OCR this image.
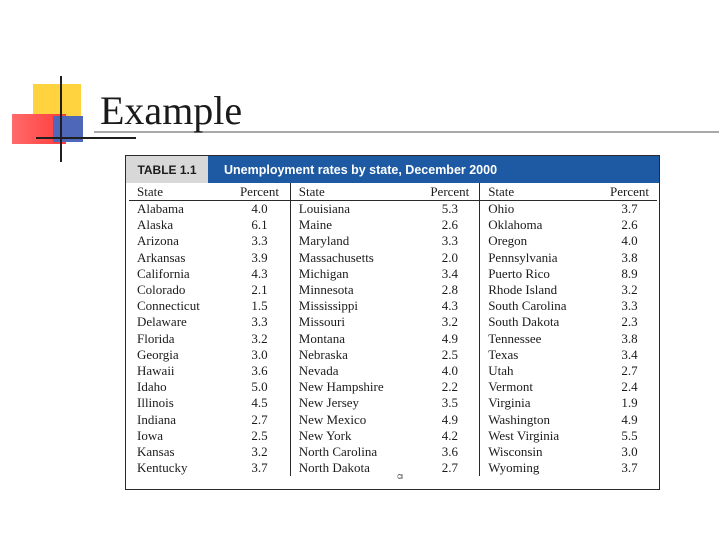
Example
TABLE 1.1	Unemployment rates by state, December 2000
State	Percent	State	Percent	State	Percent
Alabama	4.0	Louisiana	5.3	Ohio	3.7
Alaska	6.1	Maine	2.6	Oklahoma	2.6
Arizona	3.3	Maryland	3.3	Oregon	4.0
Arkansas	3.9	Massachusetts	2.0	Pennsylvania	3.8
California	4.3	Michigan	3.4	Puerto Rico	8.9
Colorado	2.1	Minnesota	2.8	Rhode Island	3.2
Connecticut	1.5	Mississippi	4.3	South Carolina	3.3
Delaware	3.3	Missouri	3.2	South Dakota	2.3
Florida	3.2	Montana	4.9	Tennessee	3.8
Georgia	3.0	Nebraska	2.5	Texas	3.4
Hawaii	3.6	Nevada	4.0	Utah	2.7
Idaho	5.0	New Hampshire	2.2	Vermont	2.4
Illinois	4.5	New Jersey	3.5	Virginia	1.9
Indiana	2.7	New Mexico	4.9	Washington	4.9
Iowa	2.5	New York	4.2	West Virginia	5.5
Kansas	3.2	North Carolina	3.6	Wisconsin	3.0
Kentucky	3.7	North Dakota	2.7	Wyoming	3.7
ʊ
